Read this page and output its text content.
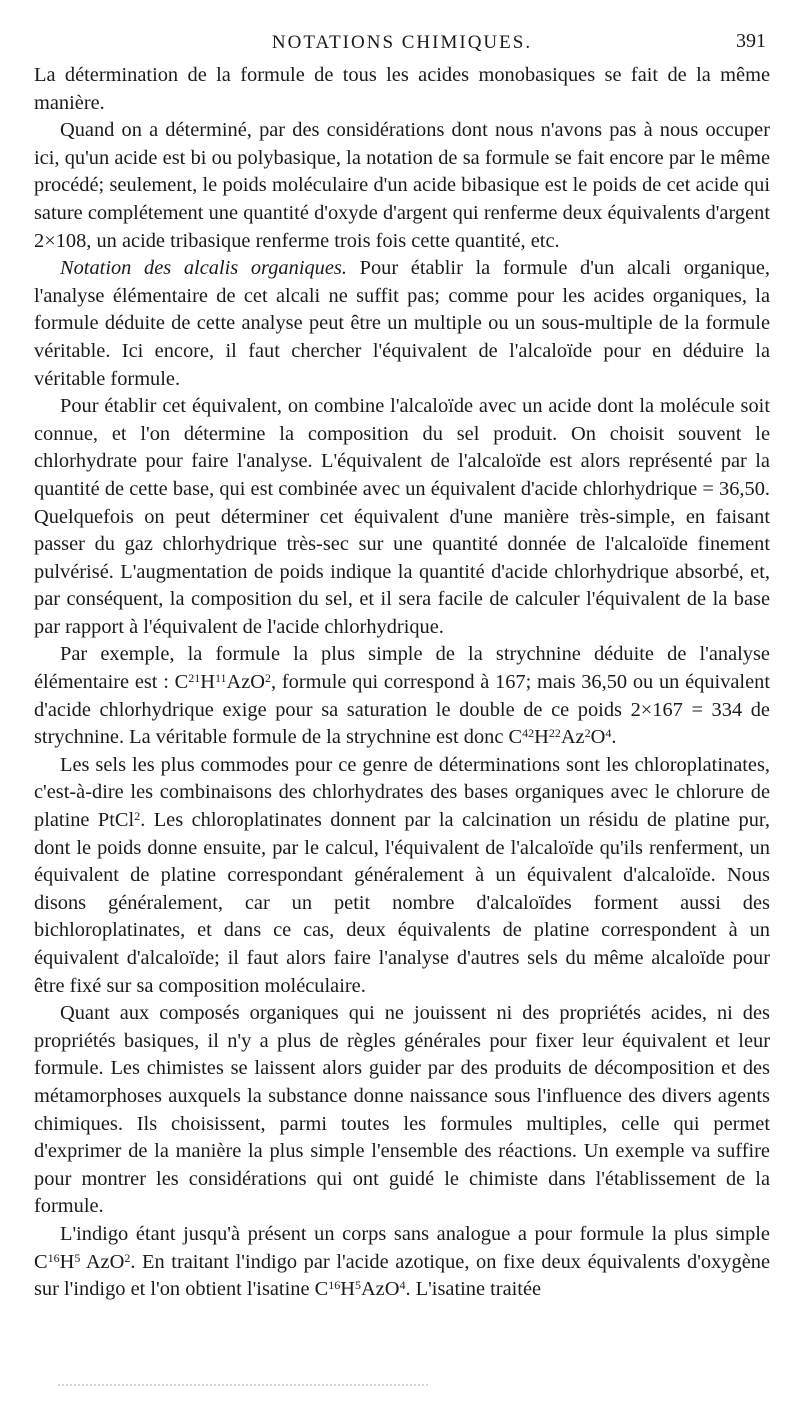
NOTATIONS CHIMIQUES.	391

La détermination de la formule de tous les acides monobasiques se fait de la même manière.

Quand on a déterminé, par des considérations dont nous n'avons pas à nous occuper ici, qu'un acide est bi ou polybasique, la notation de sa formule se fait encore par le même procédé; seulement, le poids moléculaire d'un acide bibasique est le poids de cet acide qui sature complétement une quantité d'oxyde d'argent qui renferme deux équivalents d'argent 2×108, un acide tribasique renferme trois fois cette quantité, etc.

Notation des alcalis organiques. Pour établir la formule d'un alcali organique, l'analyse élémentaire de cet alcali ne suffit pas; comme pour les acides organiques, la formule déduite de cette analyse peut être un multiple ou un sous-multiple de la formule véritable. Ici encore, il faut chercher l'équivalent de l'alcaloïde pour en déduire la véritable formule.

Pour établir cet équivalent, on combine l'alcaloïde avec un acide dont la molécule soit connue, et l'on détermine la composition du sel produit. On choisit souvent le chlorhydrate pour faire l'analyse. L'équivalent de l'alcaloïde est alors représenté par la quantité de cette base, qui est combinée avec un équivalent d'acide chlorhydrique = 36,50. Quelquefois on peut déterminer cet équivalent d'une manière très-simple, en faisant passer du gaz chlorhydrique très-sec sur une quantité donnée de l'alcaloïde finement pulvérisé. L'augmentation de poids indique la quantité d'acide chlorhydrique absorbé, et, par conséquent, la composition du sel, et il sera facile de calculer l'équivalent de la base par rapport à l'équivalent de l'acide chlorhydrique.

Par exemple, la formule la plus simple de la strychnine déduite de l'analyse élémentaire est : $C^{21}H^{11}AzO^2$, formule qui correspond à 167; mais 36,50 ou un équivalent d'acide chlorhydrique exige pour sa saturation le double de ce poids 2×167 = 334 de strychnine. La véritable formule de la strychnine est donc $C^{42}H^{22}Az^2O^4$.

Les sels les plus commodes pour ce genre de déterminations sont les chloroplatinates, c'est-à-dire les combinaisons des chlorhydrates des bases organiques avec le chlorure de platine PtCl$^2$. Les chloroplatinates donnent par la calcination un résidu de platine pur, dont le poids donne ensuite, par le calcul, l'équivalent de l'alcaloïde qu'ils renferment, un équivalent de platine correspondant généralement à un équivalent d'alcaloïde. Nous disons généralement, car un petit nombre d'alcaloïdes forment aussi des bichloroplatinates, et dans ce cas, deux équivalents de platine correspondent à un équivalent d'alcaloïde; il faut alors faire l'analyse d'autres sels du même alcaloïde pour être fixé sur sa composition moléculaire.

Quant aux composés organiques qui ne jouissent ni des propriétés acides, ni des propriétés basiques, il n'y a plus de règles générales pour fixer leur équivalent et leur formule. Les chimistes se laissent alors guider par des produits de décomposition et des métamorphoses auxquels la substance donne naissance sous l'influence des divers agents chimiques. Ils choisissent, parmi toutes les formules multiples, celle qui permet d'exprimer de la manière la plus simple l'ensemble des réactions. Un exemple va suffire pour montrer les considérations qui ont guidé le chimiste dans l'établissement de la formule.

L'indigo étant jusqu'à présent un corps sans analogue a pour formule la plus simple $C^{16}H^5$ AzO$^2$. En traitant l'indigo par l'acide azotique, on fixe deux équivalents d'oxygène sur l'indigo et l'on obtient l'isatine $C^{16}H^5AzO^4$. L'isatine traitée
